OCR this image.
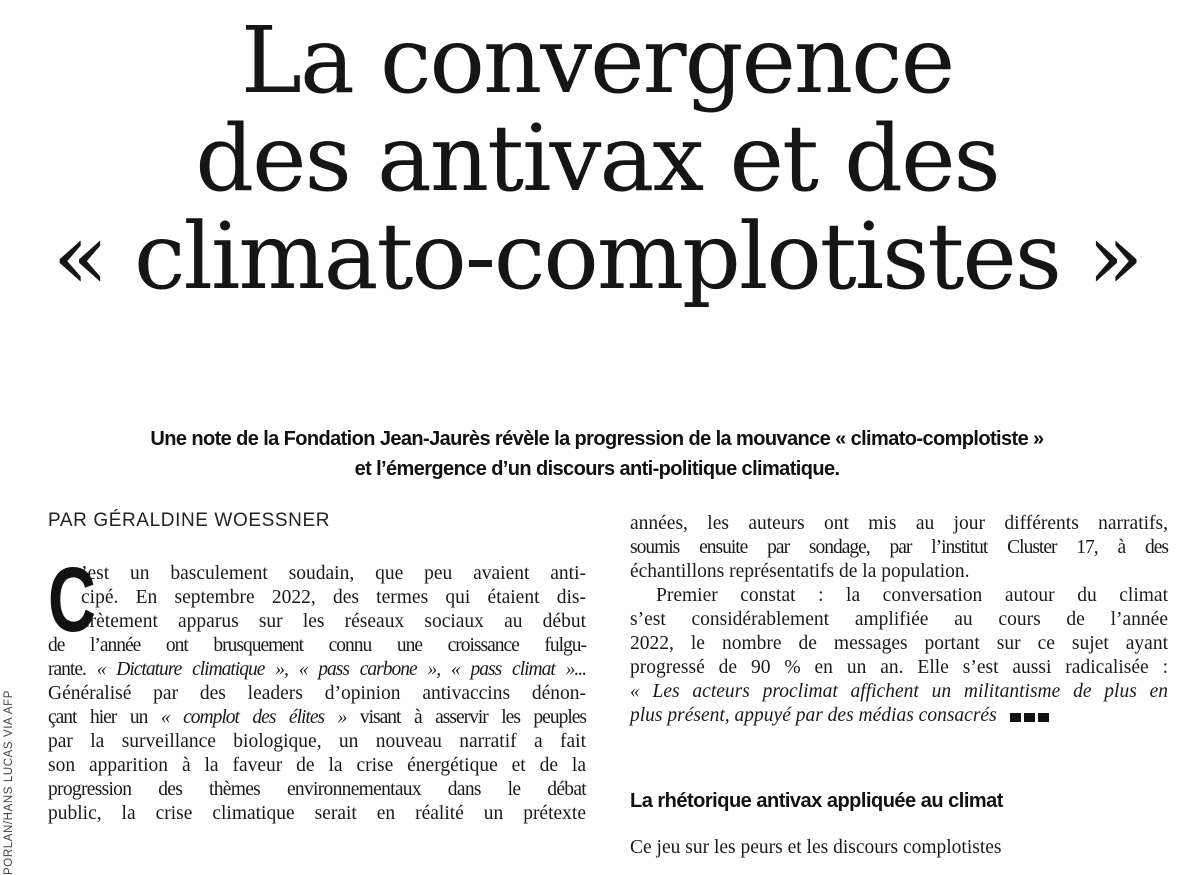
La convergence
des antivax et des
« climato-complotistes »
Une note de la Fondation Jean-Jaurès révèle la progression de la mouvance « climato-complotiste »
et l’émergence d’un discours anti-politique climatique.
PAR GÉRALDINE WOESSNER
PORLAN/HANS LUCAS VIA AFP
C
’est un basculement soudain, que peu avaient anti-
cipé. En septembre 2022, des termes qui étaient dis-
crètement apparus sur les réseaux sociaux au début
de l’année ont brusquement connu une croissance fulgu-
rante. « Dictature climatique », « pass carbone », « pass climat »...
Généralisé par des leaders d’opinion antivaccins dénon-
çant hier un « complot des élites » visant à asservir les peuples
par la surveillance biologique, un nouveau narratif a fait
son apparition à la faveur de la crise énergétique et de la
progression des thèmes environnementaux dans le débat
public, la crise climatique serait en réalité un prétexte
années, les auteurs ont mis au jour différents narratifs,
soumis ensuite par sondage, par l’institut Cluster 17, à des
échantillons représentatifs de la population.
Premier constat : la conversation autour du climat
s’est considérablement amplifiée au cours de l’année
2022, le nombre de messages portant sur ce sujet ayant
progressé de 90 % en un an. Elle s’est aussi radicalisée :
« Les acteurs proclimat affichent un militantisme de plus en
plus présent, appuyé par des médias consacrés
La rhétorique antivax appliquée au climat
Ce jeu sur les peurs et les discours complotistes
